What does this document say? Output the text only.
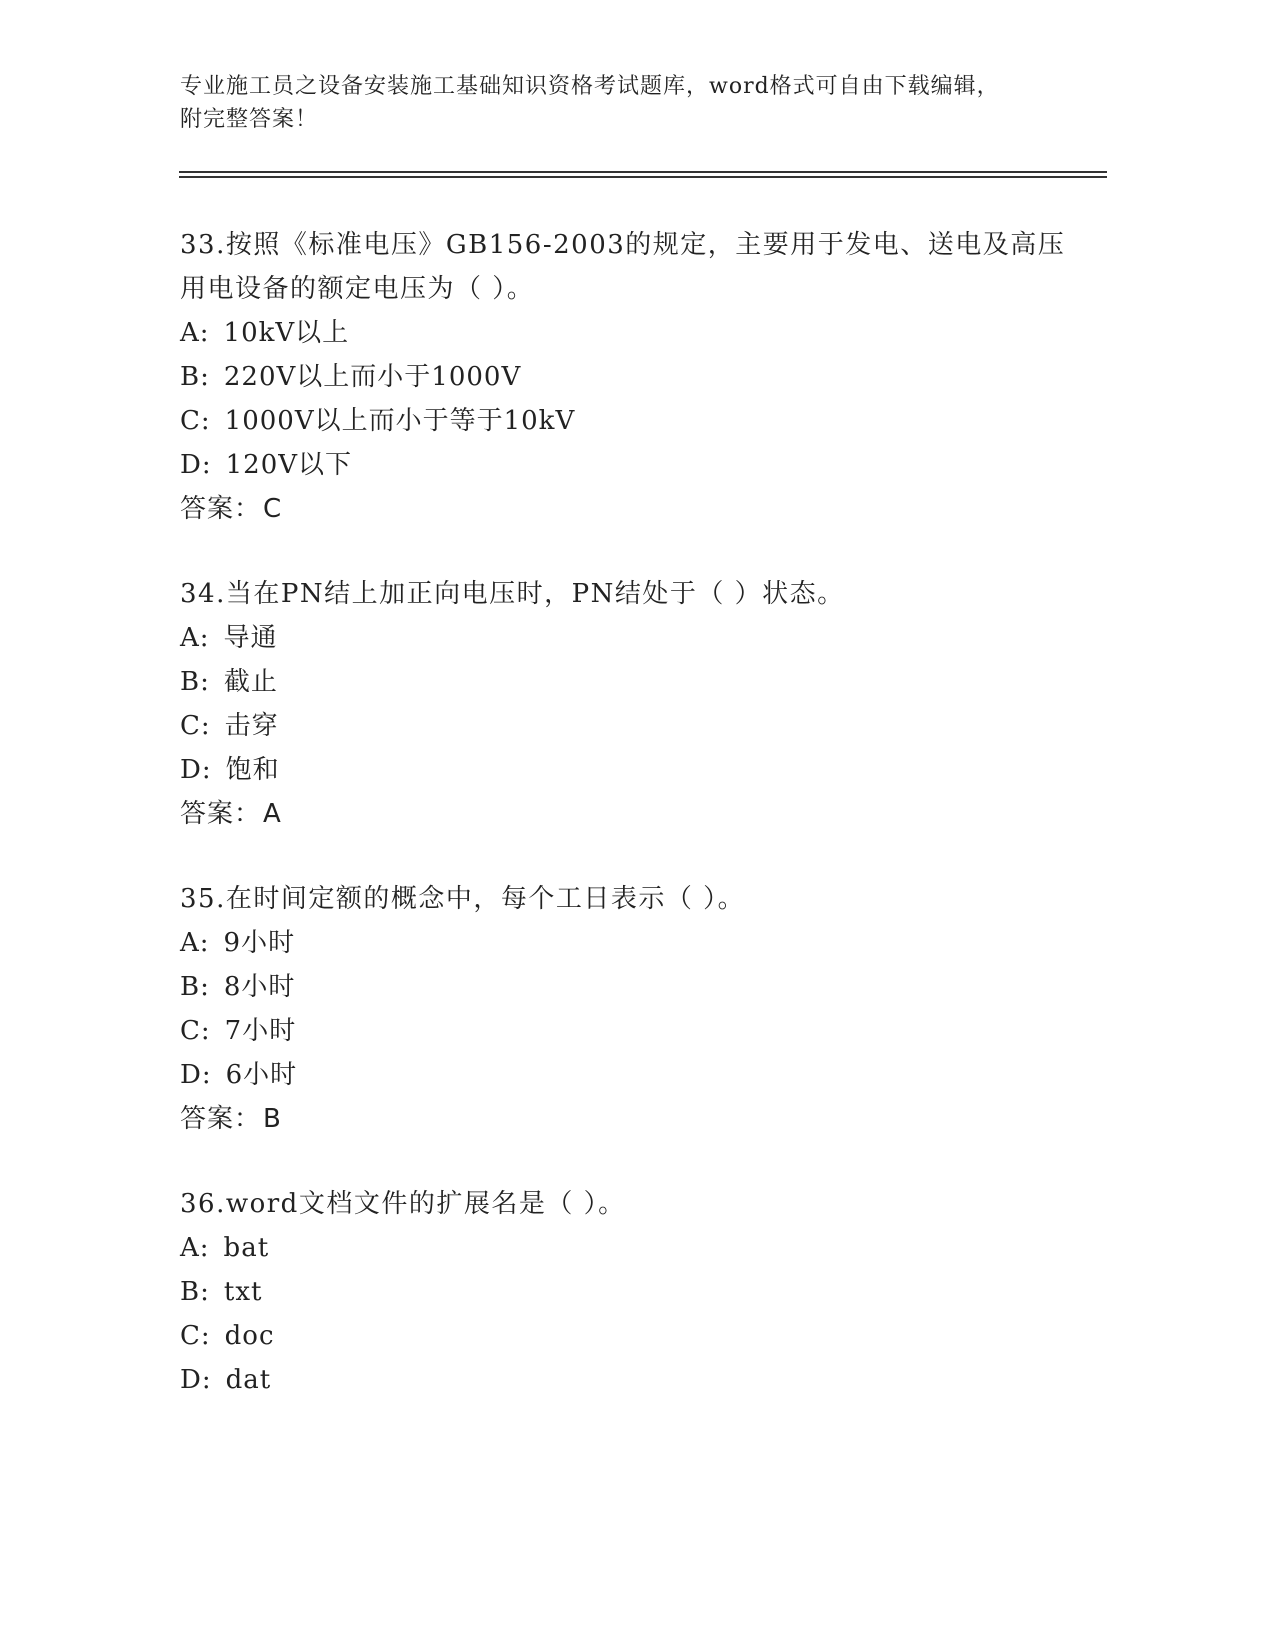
专业施工员之设备安装施工基础知识资格考试题库，word格式可自由下载编辑，
附完整答案！
33.按照《标准电压》GB156-2003的规定，主要用于发电、送电及高压
用电设备的额定电压为（ ）。
A: 10kV以上
B: 220V以上而小于1000V
C: 1000V以上而小于等于10kV
D: 120V以下
答案：C
34.当在PN结上加正向电压时，PN结处于（ ）状态。
A: 导通
B: 截止
C: 击穿
D: 饱和
答案：A
35.在时间定额的概念中，每个工日表示（ ）。
A: 9小时
B: 8小时
C: 7小时
D: 6小时
答案：B
36.word文档文件的扩展名是（ ）。
A: bat
B: txt
C: doc
D: dat
